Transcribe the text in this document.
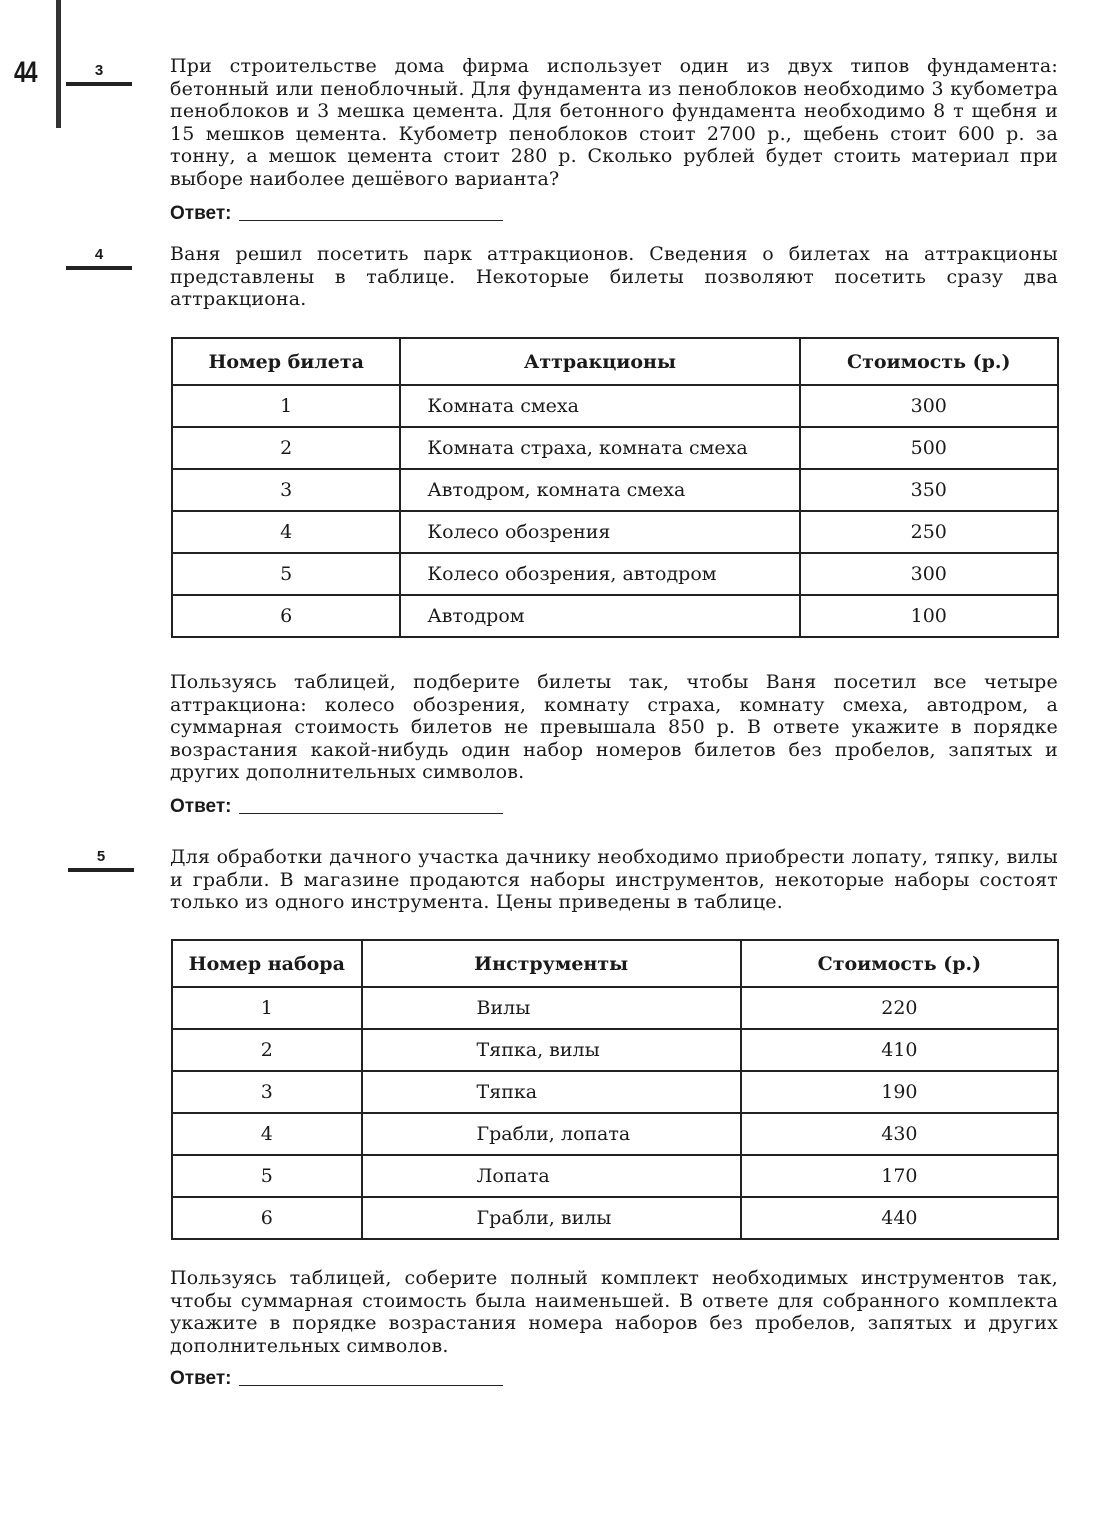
44	3	При строительстве дома фирма использует один из двух типов фундамента: бетонный или пеноблочный. Для фундамента из пеноблоков необходимо 3 кубометра пеноблоков и 3 мешка цемента. Для бетонного фундамента необходимо 8 т щебня и 15 мешков цемента. Кубометр пеноблоков стоит 2700 р., щебень стоит 600 р. за тонну, а мешок цемента стоит 280 р. Сколько рублей будет стоить материал при выборе наиболее дешёвого варианта?
Ответ:
4	Ваня решил посетить парк аттракционов. Сведения о билетах на аттракционы представлены в таблице. Некоторые билеты позволяют посетить сразу два аттракциона.
Номер билета	Аттракционы	Стоимость (р.)
1	Комната смеха	300
2	Комната страха, комната смеха	500
3	Автодром, комната смеха	350
4	Колесо обозрения	250
5	Колесо обозрения, автодром	300
6	Автодром	100
Пользуясь таблицей, подберите билеты так, чтобы Ваня посетил все четыре аттракциона: колесо обозрения, комнату страха, комнату смеха, автодром, а суммарная стоимость билетов не превышала 850 р. В ответе укажите в порядке возрастания какой-нибудь один набор номеров билетов без пробелов, запятых и других дополнительных символов.
Ответ:
5	Для обработки дачного участка дачнику необходимо приобрести лопату, тяпку, вилы и грабли. В магазине продаются наборы инструментов, некоторые наборы состоят только из одного инструмента. Цены приведены в таблице.
Номер набора	Инструменты	Стоимость (р.)
1	Вилы	220
2	Тяпка, вилы	410
3	Тяпка	190
4	Грабли, лопата	430
5	Лопата	170
6	Грабли, вилы	440
Пользуясь таблицей, соберите полный комплект необходимых инструментов так, чтобы суммарная стоимость была наименьшей. В ответе для собранного комплекта укажите в порядке возрастания номера наборов без пробелов, запятых и других дополнительных символов.
Ответ:
